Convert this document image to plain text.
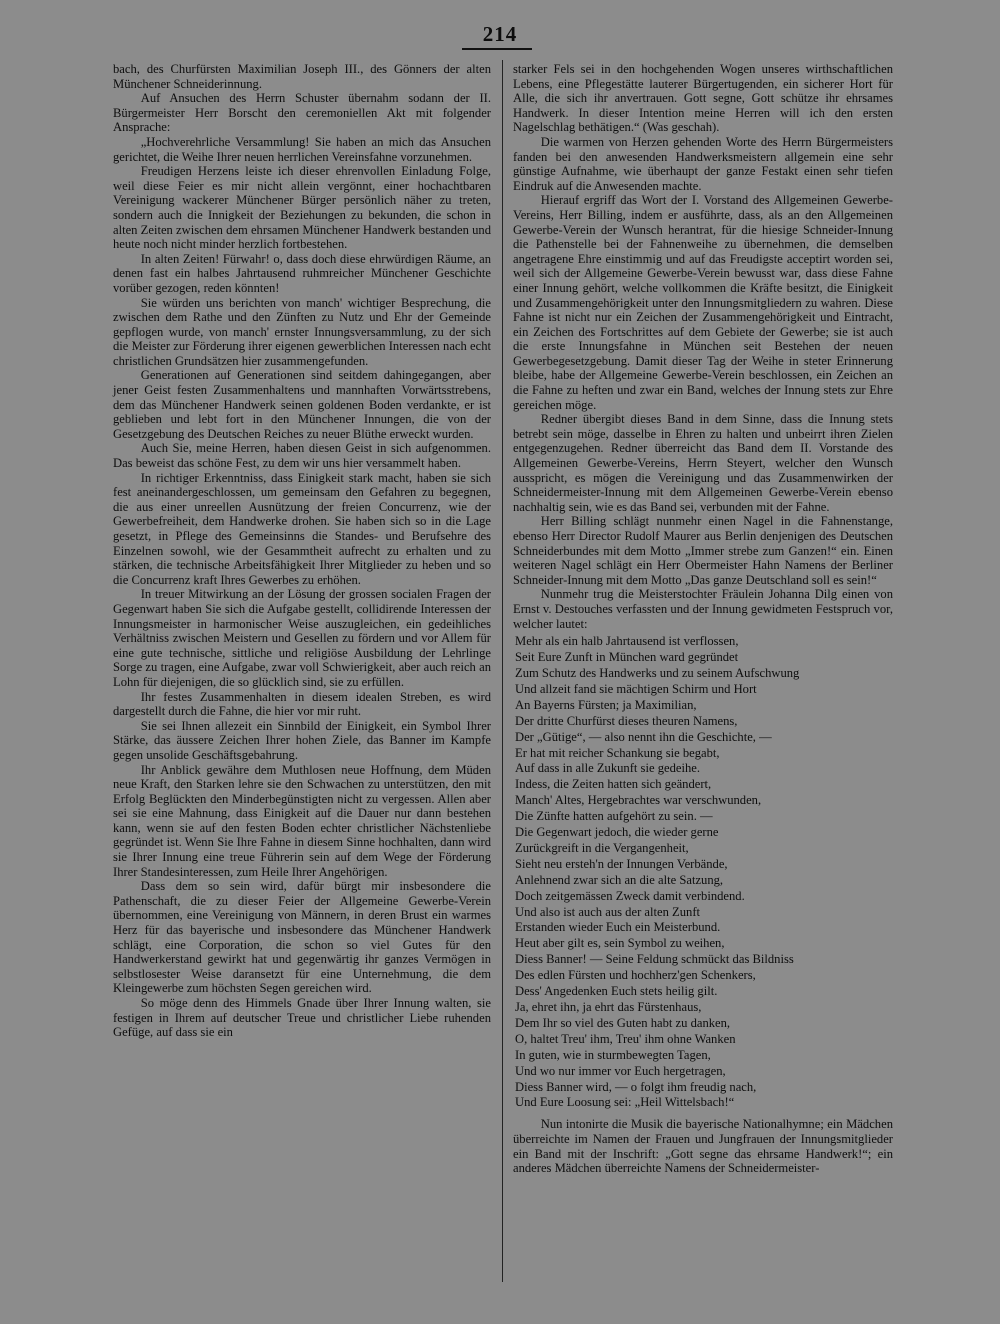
214

bach, des Churfürsten Maximilian Joseph III., des Gönners der alten Münchener Schneiderinnung.

Auf Ansuchen des Herrn Schuster übernahm sodann der II. Bürgermeister Herr Borscht den ceremoniellen Akt mit folgender Ansprache:

„Hochverehrliche Versammlung! Sie haben an mich das Ansuchen gerichtet, die Weihe Ihrer neuen herrlichen Vereinsfahne vorzunehmen.

Freudigen Herzens leiste ich dieser ehrenvollen Einladung Folge, weil diese Feier es mir nicht allein vergönnt, einer hochachtbaren Vereinigung wackerer Münchener Bürger persönlich näher zu treten, sondern auch die Innigkeit der Beziehungen zu bekunden, die schon in alten Zeiten zwischen dem ehrsamen Münchener Handwerk bestanden und heute noch nicht minder herzlich fortbestehen.

In alten Zeiten! Fürwahr! o, dass doch diese ehrwürdigen Räume, an denen fast ein halbes Jahrtausend ruhmreicher Münchener Geschichte vorüber gezogen, reden könnten!

Sie würden uns berichten von manch' wichtiger Besprechung, die zwischen dem Rathe und den Zünften zu Nutz und Ehr der Gemeinde gepflogen wurde, von manch' ernster Innungsversammlung, zu der sich die Meister zur Förderung ihrer eigenen gewerblichen Interessen nach echt christlichen Grundsätzen hier zusammengefunden.

Generationen auf Generationen sind seitdem dahingegangen, aber jener Geist festen Zusammenhaltens und mannhaften Vorwärtsstrebens, dem das Münchener Handwerk seinen goldenen Boden verdankte, er ist geblieben und lebt fort in den Münchener Innungen, die von der Gesetzgebung des Deutschen Reiches zu neuer Blüthe erweckt wurden.

Auch Sie, meine Herren, haben diesen Geist in sich aufgenommen. Das beweist das schöne Fest, zu dem wir uns hier versammelt haben.

In richtiger Erkenntniss, dass Einigkeit stark macht, haben sie sich fest aneinandergeschlossen, um gemeinsam den Gefahren zu begegnen, die aus einer unreellen Ausnützung der freien Concurrenz, wie der Gewerbefreiheit, dem Handwerke drohen. Sie haben sich so in die Lage gesetzt, in Pflege des Gemeinsinns die Standes- und Berufsehre des Einzelnen sowohl, wie der Gesammtheit aufrecht zu erhalten und zu stärken, die technische Arbeitsfähigkeit Ihrer Mitglieder zu heben und so die Concurrenz kraft Ihres Gewerbes zu erhöhen.

In treuer Mitwirkung an der Lösung der grossen socialen Fragen der Gegenwart haben Sie sich die Aufgabe gestellt, collidirende Interessen der Innungsmeister in harmonischer Weise auszugleichen, ein gedeihliches Verhältniss zwischen Meistern und Gesellen zu fördern und vor Allem für eine gute technische, sittliche und religiöse Ausbildung der Lehrlinge Sorge zu tragen, eine Aufgabe, zwar voll Schwierigkeit, aber auch reich an Lohn für diejenigen, die so glücklich sind, sie zu erfüllen.

Ihr festes Zusammenhalten in diesem idealen Streben, es wird dargestellt durch die Fahne, die hier vor mir ruht.

Sie sei Ihnen allezeit ein Sinnbild der Einigkeit, ein Symbol Ihrer Stärke, das äussere Zeichen Ihrer hohen Ziele, das Banner im Kampfe gegen unsolide Geschäftsgebahrung.

Ihr Anblick gewähre dem Muthlosen neue Hoffnung, dem Müden neue Kraft, den Starken lehre sie den Schwachen zu unterstützen, den mit Erfolg Beglückten den Minderbegünstigten nicht zu vergessen. Allen aber sei sie eine Mahnung, dass Einigkeit auf die Dauer nur dann bestehen kann, wenn sie auf den festen Boden echter christlicher Nächstenliebe gegründet ist. Wenn Sie Ihre Fahne in diesem Sinne hochhalten, dann wird sie Ihrer Innung eine treue Führerin sein auf dem Wege der Förderung Ihrer Standesinteressen, zum Heile Ihrer Angehörigen.

Dass dem so sein wird, dafür bürgt mir insbesondere die Pathenschaft, die zu dieser Feier der Allgemeine Gewerbe-Verein übernommen, eine Vereinigung von Männern, in deren Brust ein warmes Herz für das bayerische und insbesondere das Münchener Handwerk schlägt, eine Corporation, die schon so viel Gutes für den Handwerkerstand gewirkt hat und gegenwärtig ihr ganzes Vermögen in selbstlosester Weise daransetzt für eine Unternehmung, die dem Kleingewerbe zum höchsten Segen gereichen wird.

So möge denn des Himmels Gnade über Ihrer Innung walten, sie festigen in Ihrem auf deutscher Treue und christlicher Liebe ruhenden Gefüge, auf dass sie ein

starker Fels sei in den hochgehenden Wogen unseres wirthschaftlichen Lebens, eine Pflegestätte lauterer Bürgertugenden, ein sicherer Hort für Alle, die sich ihr anvertrauen. Gott segne, Gott schütze ihr ehrsames Handwerk. In dieser Intention meine Herren will ich den ersten Nagelschlag bethätigen.“ (Was geschah).

Die warmen von Herzen gehenden Worte des Herrn Bürgermeisters fanden bei den anwesenden Handwerksmeistern allgemein eine sehr günstige Aufnahme, wie überhaupt der ganze Festakt einen sehr tiefen Eindruk auf die Anwesenden machte.

Hierauf ergriff das Wort der I. Vorstand des Allgemeinen Gewerbe-Vereins, Herr Billing, indem er ausführte, dass, als an den Allgemeinen Gewerbe-Verein der Wunsch herantrat, für die hiesige Schneider-Innung die Pathenstelle bei der Fahnenweihe zu übernehmen, die demselben angetragene Ehre einstimmig und auf das Freudigste acceptirt worden sei, weil sich der Allgemeine Gewerbe-Verein bewusst war, dass diese Fahne einer Innung gehört, welche vollkommen die Kräfte besitzt, die Einigkeit und Zusammengehörigkeit unter den Innungsmitgliedern zu wahren. Diese Fahne ist nicht nur ein Zeichen der Zusammengehörigkeit und Eintracht, ein Zeichen des Fortschrittes auf dem Gebiete der Gewerbe; sie ist auch die erste Innungsfahne in München seit Bestehen der neuen Gewerbegesetzgebung. Damit dieser Tag der Weihe in steter Erinnerung bleibe, habe der Allgemeine Gewerbe-Verein beschlossen, ein Zeichen an die Fahne zu heften und zwar ein Band, welches der Innung stets zur Ehre gereichen möge.

Redner übergibt dieses Band in dem Sinne, dass die Innung stets betrebt sein möge, dasselbe in Ehren zu halten und unbeirrt ihren Zielen entgegenzugehen. Redner überreicht das Band dem II. Vorstande des Allgemeinen Gewerbe-Vereins, Herrn Steyert, welcher den Wunsch ausspricht, es mögen die Vereinigung und das Zusammenwirken der Schneidermeister-Innung mit dem Allgemeinen Gewerbe-Verein ebenso nachhaltig sein, wie es das Band sei, verbunden mit der Fahne.

Herr Billing schlägt nunmehr einen Nagel in die Fahnenstange, ebenso Herr Director Rudolf Maurer aus Berlin denjenigen des Deutschen Schneiderbundes mit dem Motto „Immer strebe zum Ganzen!“ ein. Einen weiteren Nagel schlägt ein Herr Obermeister Hahn Namens der Berliner Schneider-Innung mit dem Motto „Das ganze Deutschland soll es sein!“

Nunmehr trug die Meisterstochter Fräulein Johanna Dilg einen von Ernst v. Destouches verfassten und der Innung gewidmeten Festspruch vor, welcher lautet:

Mehr als ein halb Jahrtausend ist verflossen,
Seit Eure Zunft in München ward gegründet
Zum Schutz des Handwerks und zu seinem Aufschwung
Und allzeit fand sie mächtigen Schirm und Hort
An Bayerns Fürsten; ja Maximilian,
Der dritte Churfürst dieses theuren Namens,
Der „Gütige“, — also nennt ihn die Geschichte, —
Er hat mit reicher Schankung sie begabt,
Auf dass in alle Zukunft sie gedeihe.
Indess, die Zeiten hatten sich geändert,
Manch' Altes, Hergebrachtes war verschwunden,
Die Zünfte hatten aufgehört zu sein. —
Die Gegenwart jedoch, die wieder gerne
Zurückgreift in die Vergangenheit,
Sieht neu ersteh'n der Innungen Verbände,
Anlehnend zwar sich an die alte Satzung,
Doch zeitgemässen Zweck damit verbindend.
Und also ist auch aus der alten Zunft
Erstanden wieder Euch ein Meisterbund.
Heut aber gilt es, sein Symbol zu weihen,
Diess Banner! — Seine Feldung schmückt das Bildniss
Des edlen Fürsten und hochherz'gen Schenkers,
Dess' Angedenken Euch stets heilig gilt.
Ja, ehret ihn, ja ehrt das Fürstenhaus,
Dem Ihr so viel des Guten habt zu danken,
O, haltet Treu' ihm, Treu' ihm ohne Wanken
In guten, wie in sturmbewegten Tagen,
Und wo nur immer vor Euch hergetragen,
Diess Banner wird, — o folgt ihm freudig nach,
Und Eure Loosung sei: „Heil Wittelsbach!“

Nun intonirte die Musik die bayerische Nationalhymne; ein Mädchen überreichte im Namen der Frauen und Jungfrauen der Innungsmitglieder ein Band mit der Inschrift: „Gott segne das ehrsame Handwerk!“; ein anderes Mädchen überreichte Namens der Schneidermeister-
